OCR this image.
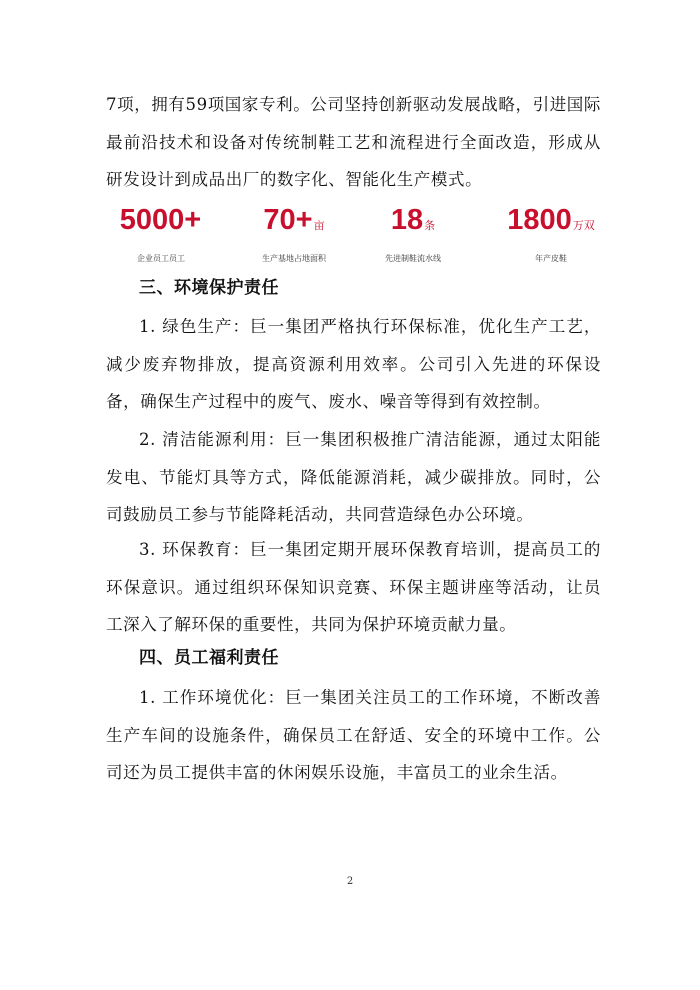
7项，拥有59项国家专利。公司坚持创新驱动发展战略，引进国际最前沿技术和设备对传统制鞋工艺和流程进行全面改造，形成从研发设计到成品出厂的数字化、智能化生产模式。

5000+
企业员工员工
70+亩
生产基地占地面积
18条
先进制鞋流水线
1800万双
年产皮鞋
三、环境保护责任

1. 绿色生产：巨一集团严格执行环保标准，优化生产工艺，减少废弃物排放，提高资源利用效率。公司引入先进的环保设备，确保生产过程中的废气、废水、噪音等得到有效控制。

2. 清洁能源利用：巨一集团积极推广清洁能源，通过太阳能发电、节能灯具等方式，降低能源消耗，减少碳排放。同时，公司鼓励员工参与节能降耗活动，共同营造绿色办公环境。

3. 环保教育：巨一集团定期开展环保教育培训，提高员工的环保意识。通过组织环保知识竞赛、环保主题讲座等活动，让员工深入了解环保的重要性，共同为保护环境贡献力量。

四、员工福利责任

1. 工作环境优化：巨一集团关注员工的工作环境，不断改善生产车间的设施条件，确保员工在舒适、安全的环境中工作。公司还为员工提供丰富的休闲娱乐设施，丰富员工的业余生活。

2
